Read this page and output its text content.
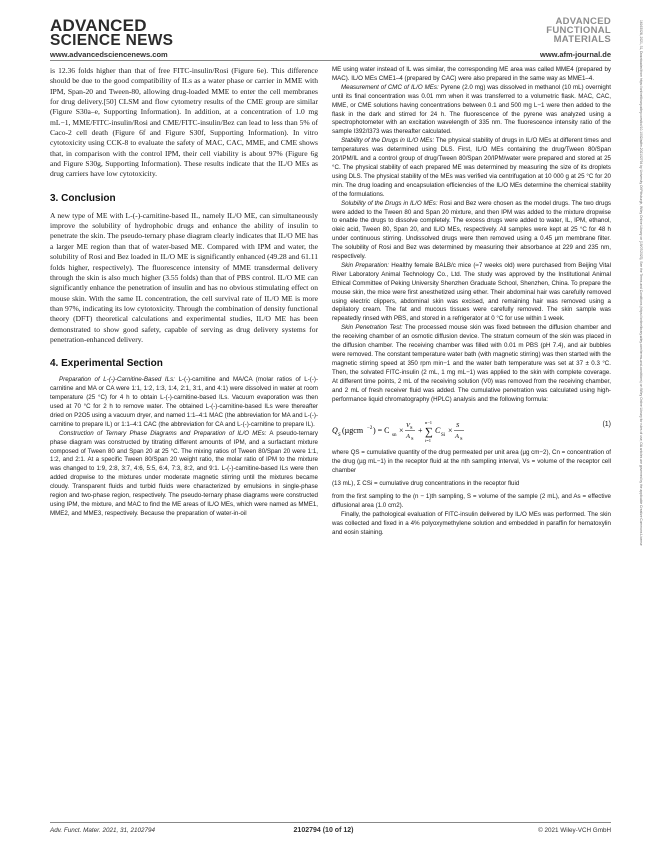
ADVANCED
SCIENCE NEWS
ADVANCED
FUNCTIONAL
MATERIALS
www.advancedsciencenews.com	www.afm-journal.de	16163028, 2021, 31, Downloaded from https://onlinelibrary.wiley.com/doi/10.1002/adfm.202102794 by University Of Pittsburgh, Wiley Online Library on [19/07/2023]. See the Terms and Conditions (https://onlinelibrary.wiley.com/terms-and-conditions) on Wiley Online Library for rules of use; OA articles are governed by the applicable Creative Commons License

is 12.36 folds higher than that of free FITC-insulin/Rosi (Figure 6e). This difference should be due to the good compatibility of ILs as a water phase or carrier in MME with IPM, Span-20 and Tween-80, allowing drug-loaded MME to enter the cell membranes for drug delivery.[50] CLSM and flow cytometry results of the CME group are similar (Figure S30a–e, Supporting Information). In addition, at a concentration of 1.0 mg mL−1, MME/FITC-insulin/Rosi and CME/FITC-insulin/Bez can lead to less than 5% of Caco-2 cell death (Figure 6f and Figure S30f, Supporting Information). In vitro cytotoxicity using CCK-8 to evaluate the safety of MAC, CAC, MME, and CME shows that, in comparison with the control IPM, their cell viability is about 97% (Figure 6g and Figure S30g, Supporting Information). These results indicate that the IL/O MEs as drug carriers have low cytotoxicity.

3. Conclusion

A new type of ME with L-(-)-carnitine-based IL, namely IL/O ME, can simultaneously improve the solubility of hydrophobic drugs and enhance the ability of insulin to penetrate the skin. The pseudo-ternary phase diagram clearly indicates that IL/O ME has a larger ME region than that of water-based ME. Compared with IPM and water, the solubility of Rosi and Bez loaded in IL/O ME is significantly enhanced (49.28 and 61.11 folds higher, respectively). The fluorescence intensity of MME transdermal delivery through the skin is also much higher (3.55 folds) than that of PBS control. IL/O ME can significantly enhance the penetration of insulin and has no obvious stimulating effect on mouse skin. With the same IL concentration, the cell survival rate of IL/O ME is more than 97%, indicating its low cytotoxicity. Through the combination of density functional theory (DFT) theoretical calculations and experimental studies, IL/O ME has been demonstrated to show good safety, capable of serving as drug delivery systems for penetration-enhanced delivery.

4. Experimental Section

Preparation of L-(-)-Carnitine-Based ILs: L-(-)-carnitine and MA/CA (molar ratios of L-(-)-carnitine and MA or CA were 1:1, 1:2, 1:3, 1:4, 2:1, 3:1, and 4:1) were dissolved in water at room temperature (25 °C) for 4 h to obtain L-(-)-carnitine-based ILs. Vacuum evaporation was then used at 70 °C for 2 h to remove water. The obtained L-(-)-carnitine-based ILs were thereafter dried on P2O5 using a vacuum dryer, and named 1:1–4:1 MAC (the abbreviation for MA and L-(-)-carnitine to prepare IL) or 1:1–4:1 CAC (the abbreviation for CA and L-(-)-carnitine to prepare IL).

Construction of Ternary Phase Diagrams and Preparation of IL/O MEs: A pseudo-ternary phase diagram was constructed by titrating different amounts of IPM, and a surfactant mixture composed of Tween 80 and Span 20 at 25 °C. The mixing ratios of Tween 80/Span 20 were 1:1, 1:2, and 2:1. At a specific Tween 80/Span 20 weight ratio, the molar ratio of IPM to the mixture was changed to 1:9, 2:8, 3:7, 4:6, 5:5, 6:4, 7:3, 8:2, and 9:1. L-(-)-carnitine-based ILs were then added dropwise to the mixtures under moderate magnetic stirring until the mixtures became cloudy. Transparent fluids and turbid fluids were characterized by emulsions in single-phase region and two-phase region, respectively. The pseudo-ternary phase diagrams were constructed using IPM, the mixture, and MAC to find the ME areas of IL/O MEs, which were named as MME1, MME2, and MME3, respectively. Because the preparation of water-in-oil

ME using water instead of IL was similar, the corresponding ME area was called MME4 (prepared by MAC). IL/O MEs CME1–4 (prepared by CAC) were also prepared in the same way as MME1–4.

Measurement of CMC of IL/O MEs: Pyrene (2.0 mg) was dissolved in methanol (10 mL) overnight until its final concentration was 0.01 mm when it was transferred to a volumetric flask. MAC, CAC, MME, or CME solutions having concentrations between 0.1 and 500 mg L−1 were then added to the flask in the dark and stirred for 24 h. The fluorescence of the pyrene was analyzed using a spectrophotometer with an excitation wavelength of 335 nm. The fluorescence intensity ratio of the sample I392/I373 was thereafter calculated.

Stability of the Drugs in IL/O MEs: The physical stability of drugs in IL/O MEs at different times and temperatures was determined using DLS. First, IL/O MEs containing the drug/Tween 80/Span 20/IPM/IL and a control group of drug/Tween 80/Span 20/IPM/water were prepared and stored at 25 °C. The physical stability of each prepared ME was determined by measuring the size of its droplets using DLS. The physical stability of the MEs was verified via centrifugation at 10 000 g at 25 °C for 20 min. The drug loading and encapsulation efficiencies of the IL/O MEs determine the chemical stability of the formulations.

Solubility of the Drugs in IL/O MEs: Rosi and Bez were chosen as the model drugs. The two drugs were added to the Tween 80 and Span 20 mixture, and then IPM was added to the mixture dropwise to enable the drugs to dissolve completely. The excess drugs were added to water, IL, IPM, ethanol, oleic acid, Tween 80, Span 20, and IL/O MEs, respectively. All samples were kept at 25 °C for 48 h under continuous stirring. Undissolved drugs were then removed using a 0.45 µm membrane filter. The solubility of Rosi and Bez was determined by measuring their absorbance at 229 and 235 nm, respectively.

Skin Preparation: Healthy female BALB/c mice (≈7 weeks old) were purchased from Beijing Vital River Laboratory Animal Technology Co., Ltd. The study was approved by the Institutional Animal Ethical Committee of Peking University Shenzhen Graduate School, Shenzhen, China. To prepare the mouse skin, the mice were first anesthetized using ether. Their abdominal hair was carefully removed using electric clippers, abdominal skin was excised, and remaining hair was removed using a depilatory cream. The fat and mucous tissues were carefully removed. The skin sample was repeatedly rinsed with PBS, and stored in a refrigerator at 0 °C for use within 1 week.

Skin Penetration Test: The processed mouse skin was fixed between the diffusion chamber and the receiving chamber of an osmotic diffusion device. The stratum corneum of the skin was placed in the diffusion chamber. The receiving chamber was filled with 0.01 m PBS (pH 7.4), and air bubbles were removed. The constant temperature water bath (with magnetic stirring) was then started with the magnetic stirring speed at 350 rpm min−1 and the water bath temperature was set at 37 ± 0.3 °C. Then, the solvated FITC-insulin (2 mL, 1 mg mL−1) was applied to the skin with complete coverage. At different time points, 2 mL of the receiving solution (V0) was removed from the receiving chamber, and 2 mL of fresh receiver fluid was added. The cumulative penetration was calculated using high-performance liquid chromatography (HPLC) analysis and the following formula:

Q
S
(µgcm −2 ) = C
sn
×
V S
A S
+
n−1
∑
i=1
C
Si
×
S
A S
(1)

where QS = cumulative quantity of the drug permeated per unit area (µg cm−2), Cn = concentration of the drug (µg mL−1) in the receptor fluid at the nth sampling interval, Vs = volume of the receptor cell chamber

(13 mL), Σ CSi = cumulative drug concentrations in the receptor fluid

from the first sampling to the (n − 1)th sampling, S = volume of the sample (2 mL), and As = effective diffusional area (1.0 cm2).

Finally, the pathological evaluation of FITC-insulin delivered by IL/O MEs was performed. The skin was collected and fixed in a 4% polyoxymethylene solution and embedded in paraffin for hematoxylin and eosin staining.

Adv. Funct. Mater. 2021, 31, 2102794	2102794 (10 of 12)	© 2021 Wiley-VCH GmbH
